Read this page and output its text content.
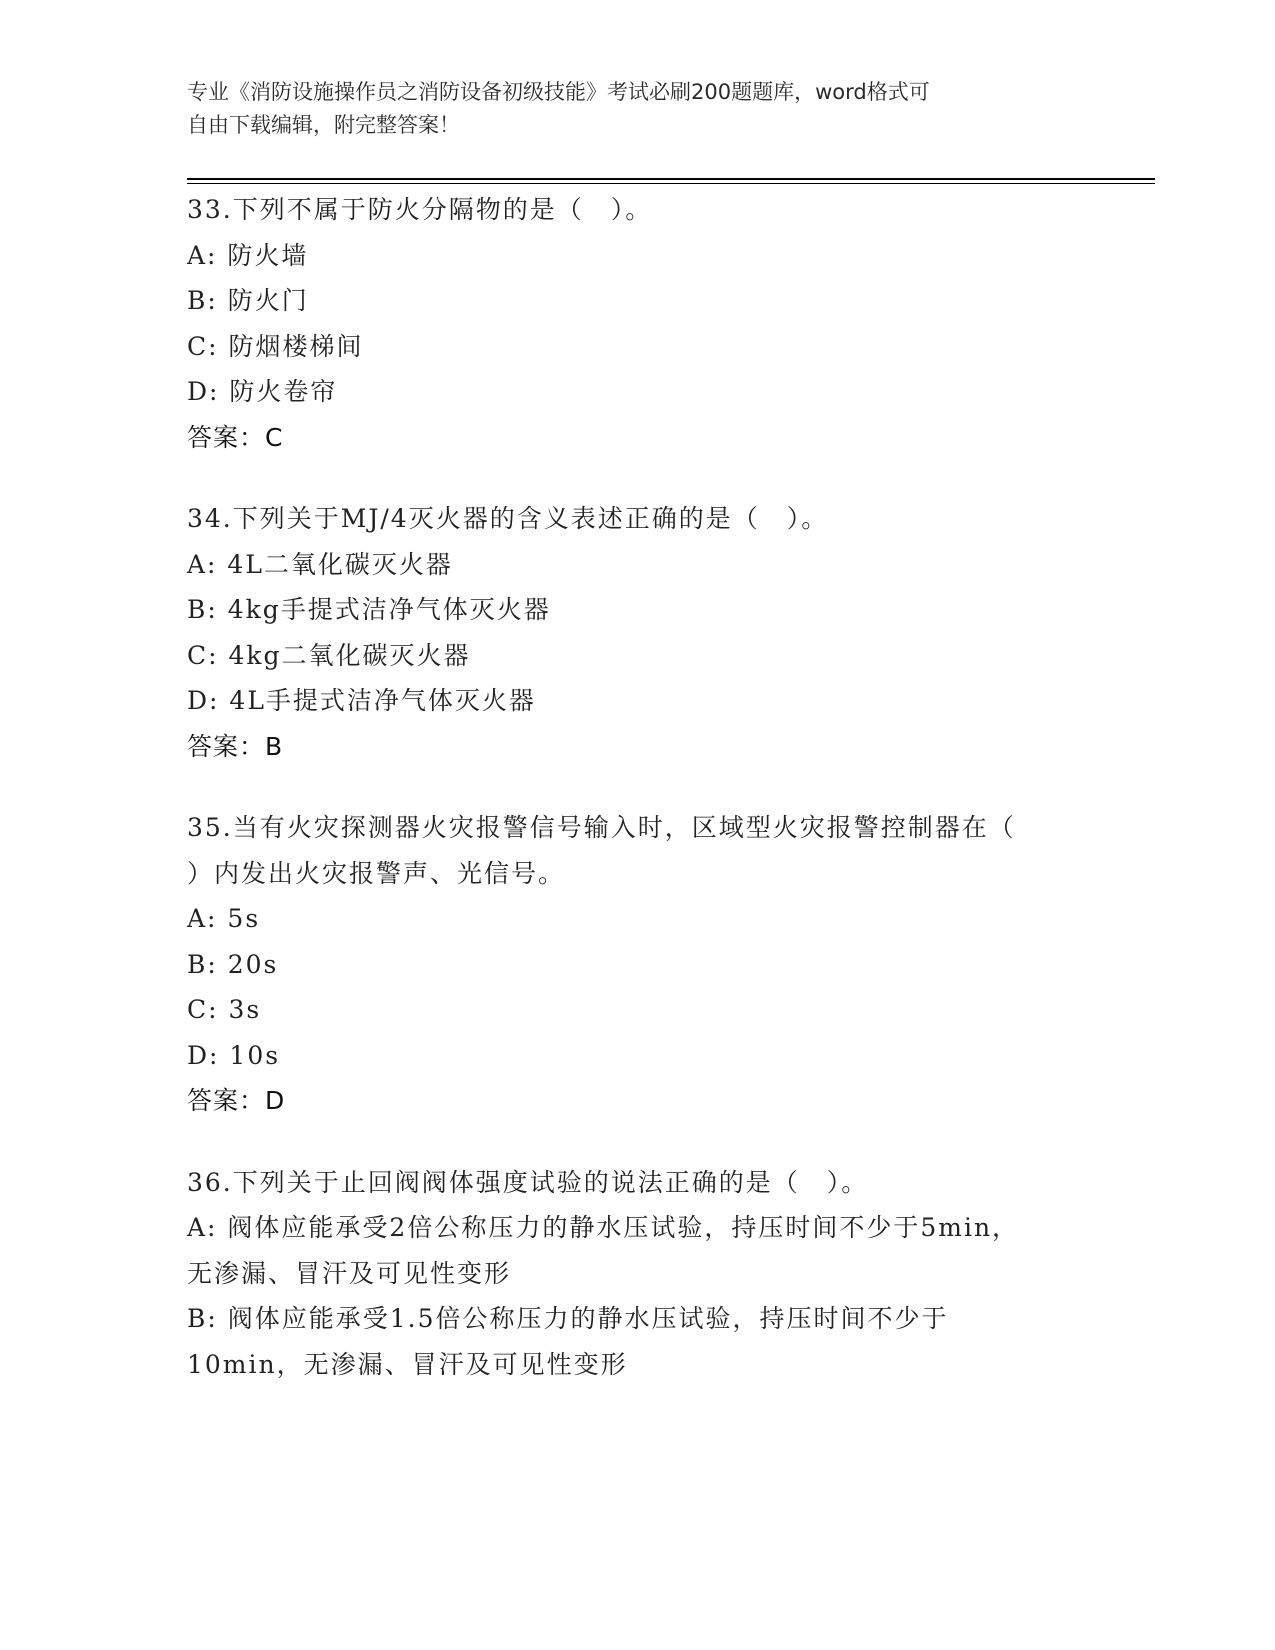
专业《消防设施操作员之消防设备初级技能》考试必刷200题题库，word格式可
自由下载编辑，附完整答案！
33.下列不属于防火分隔物的是（　）。
A: 防火墙
B: 防火门
C: 防烟楼梯间
D: 防火卷帘
答案：C
34.下列关于MJ/4灭火器的含义表述正确的是（　）。
A: 4L二氧化碳灭火器
B: 4kg手提式洁净气体灭火器
C: 4kg二氧化碳灭火器
D: 4L手提式洁净气体灭火器
答案：B
35.当有火灾探测器火灾报警信号输入时，区域型火灾报警控制器在（
）内发出火灾报警声、光信号。
A: 5s
B: 20s
C: 3s
D: 10s
答案：D
36.下列关于止回阀阀体强度试验的说法正确的是（　）。
A: 阀体应能承受2倍公称压力的静水压试验，持压时间不少于5min，
无渗漏、冒汗及可见性变形
B: 阀体应能承受1.5倍公称压力的静水压试验，持压时间不少于
10min，无渗漏、冒汗及可见性变形
